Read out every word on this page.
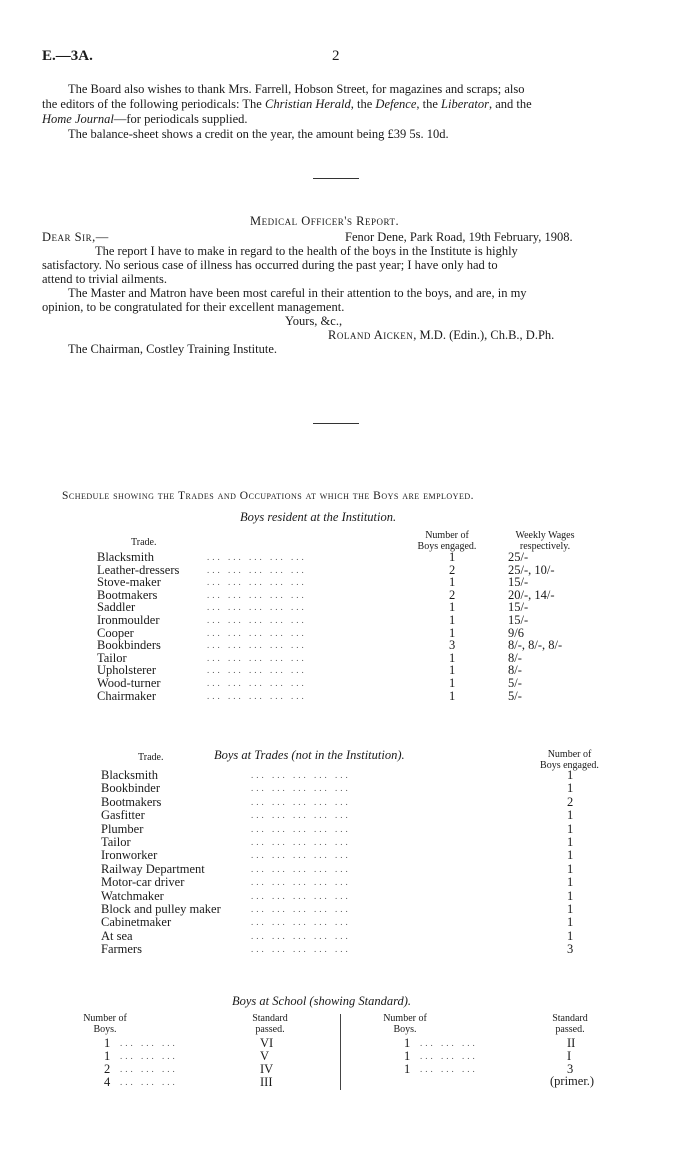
E.—3A.	2
The Board also wishes to thank Mrs. Farrell, Hobson Street, for magazines and scraps; also
the editors of the following periodicals: The Christian Herald, the Defence, the Liberator, and the
Home Journal—for periodicals supplied.
The balance-sheet shows a credit on the year, the amount being £39 5s. 10d.
Medical Officer's Report.
Dear Sir,—	Fenor Dene, Park Road, 19th February, 1908.
The report I have to make in regard to the health of the boys in the Institute is highly
satisfactory. No serious case of illness has occurred during the past year; I have only had to
attend to trivial ailments.
The Master and Matron have been most careful in their attention to the boys, and are, in my
opinion, to be congratulated for their excellent management.
Yours, &c.,
Roland Aicken, M.D. (Edin.), Ch.B., D.Ph.
The Chairman, Costley Training Institute.
Schedule showing the Trades and Occupations at which the Boys are employed.
Boys resident at the Institution.
Trade.
Number of
Boys engaged.
Weekly Wages
respectively.
Blacksmith	... ... ... ... ...	1	25/-
Leather-dressers	... ... ... ... ...	2	25/-, 10/-
Stove-maker	... ... ... ... ...	1	15/-
Bootmakers	... ... ... ... ...	2	20/-, 14/-
Saddler	... ... ... ... ...	1	15/-
Ironmoulder	... ... ... ... ...	1	15/-
Cooper	... ... ... ... ...	1	9/6
Bookbinders	... ... ... ... ...	3	8/-, 8/-, 8/-
Tailor	... ... ... ... ...	1	8/-
Upholsterer	... ... ... ... ...	1	8/-
Wood-turner	... ... ... ... ...	1	5/-
Chairmaker	... ... ... ... ...	1	5/-
Trade.	Boys at Trades (not in the Institution).	Number of
Boys engaged.
Blacksmith	... ... ... ... ...	1
Bookbinder	... ... ... ... ...	1
Bootmakers	... ... ... ... ...	2
Gasfitter	... ... ... ... ...	1
Plumber	... ... ... ... ...	1
Tailor	... ... ... ... ...	1
Ironworker	... ... ... ... ...	1
Railway Department	... ... ... ... ...	1
Motor-car driver	... ... ... ... ...	1
Watchmaker	... ... ... ... ...	1
Block and pulley maker	... ... ... ... ...	1
Cabinetmaker	... ... ... ... ...	1
At sea	... ... ... ... ...	1
Farmers	... ... ... ... ...	3
Boys at School (showing Standard).
Number of
Boys.
Standard
passed.
Number of
Boys.
Standard
passed.
1 ... ... ...	VI
1 ... ... ...	V
2 ... ... ...	IV
4 ... ... ...	III
1 ... ... ...	II
1 ... ... ...	I
1 ... ... ...	3
(primer.)
